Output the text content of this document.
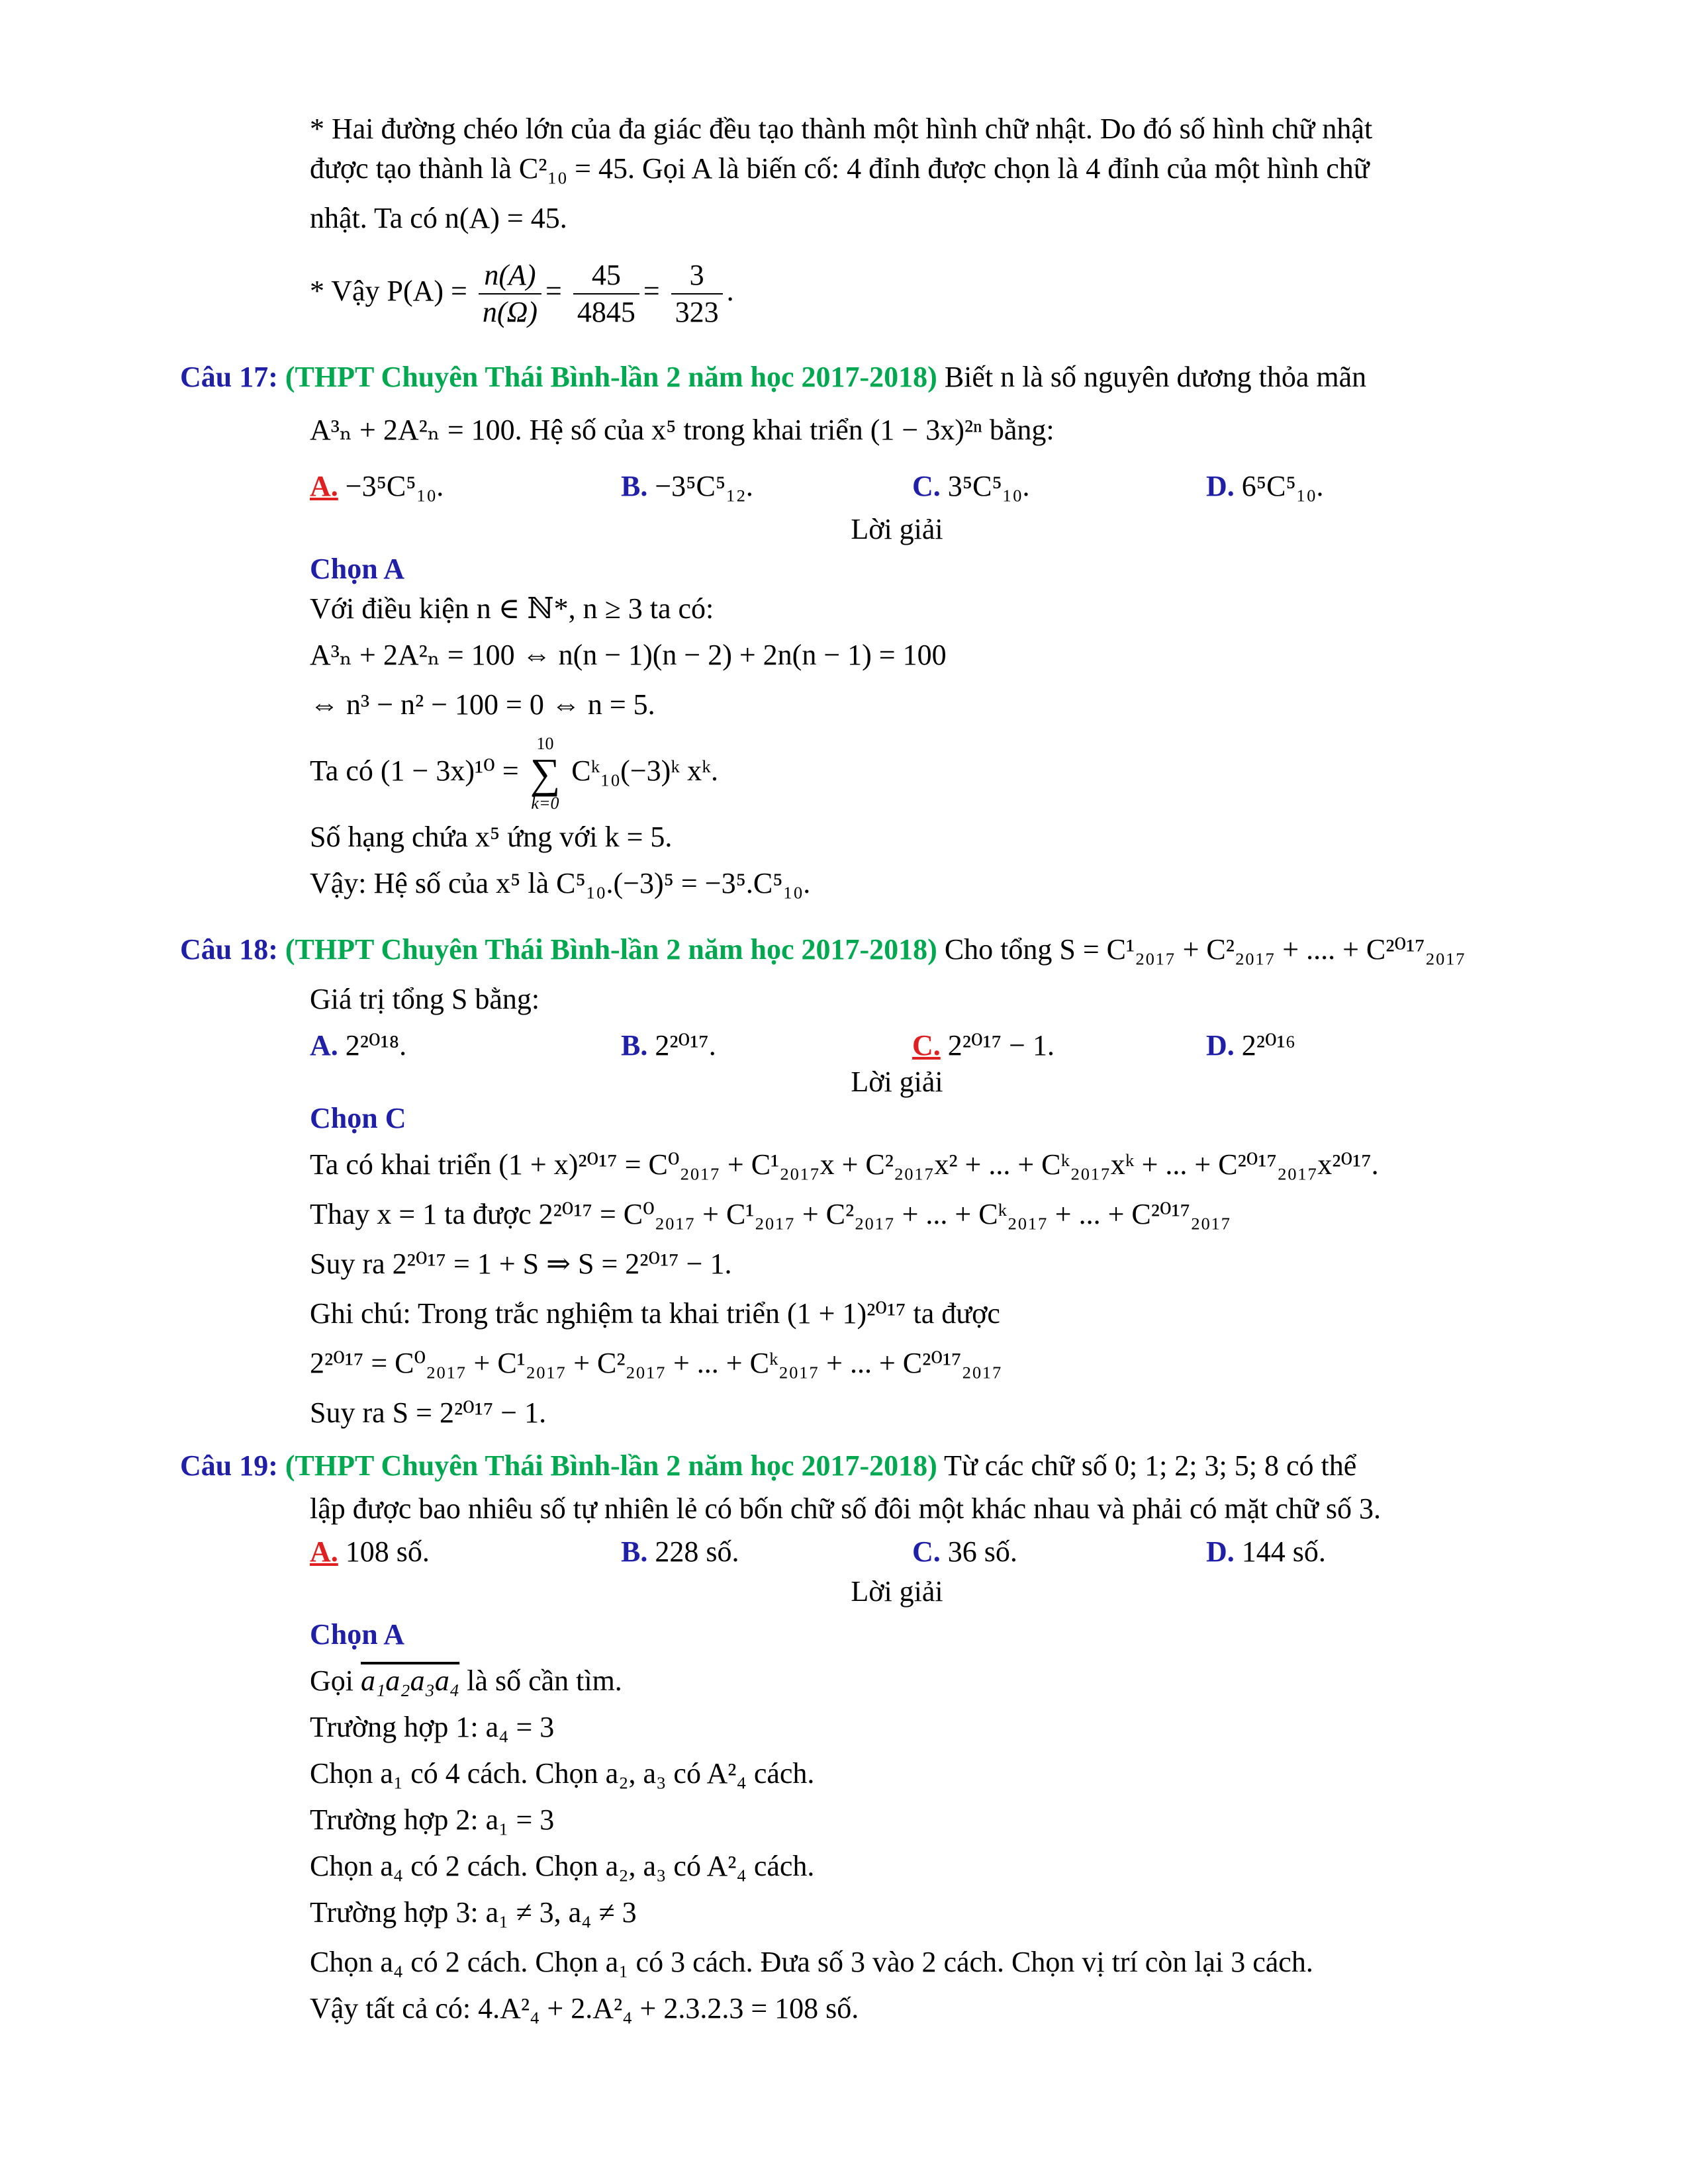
* Hai đường chéo lớn của đa giác đều tạo thành một hình chữ nhật. Do đó số hình chữ nhật
được tạo thành là C²₁₀ = 45. Gọi A là biến cố: 4 đỉnh được chọn là 4 đỉnh của một hình chữ
nhật. Ta có n(A) = 45.
* Vậy $P(A) = \frac{n(A)}{n(\Omega)} = \frac{45}{4845} = \frac{3}{323}$ .
Câu 17: (THPT Chuyên Thái Bình-lần 2 năm học 2017-2018) Biết n là số nguyên dương thỏa mãn
A³ₙ + 2A²ₙ = 100. Hệ số của x⁵ trong khai triển (1 − 3x)²ⁿ bằng:
A. −3⁵C⁵₁₀.	B. −3⁵C⁵₁₂.	C. 3⁵C⁵₁₀.	D. 6⁵C⁵₁₀.
Lời giải
Chọn A
Với điều kiện n ∈ ℕ*, n ≥ 3 ta có:
A³ₙ + 2A²ₙ = 100 ⇔ n(n − 1)(n − 2) + 2n(n − 1) = 100
⇔ n³ − n² − 100 = 0 ⇔ n = 5.
Ta có (1 − 3x)¹⁰ = 10
∑
k=0 Cᵏ₁₀(−3)ᵏ xᵏ.
Số hạng chứa x⁵ ứng với k = 5.
Vậy: Hệ số của x⁵ là C⁵₁₀.(−3)⁵ = −3⁵.C⁵₁₀.
Câu 18: (THPT Chuyên Thái Bình-lần 2 năm học 2017-2018) Cho tổng S = C¹₂₀₁₇ + C²₂₀₁₇ + .... + C²⁰¹⁷₂₀₁₇
Giá trị tổng S bằng:
A. 2²⁰¹⁸.	B. 2²⁰¹⁷.	C. 2²⁰¹⁷ − 1.	D. 2²⁰¹⁶
Lời giải
Chọn C
Ta có khai triển (1 + x)²⁰¹⁷ = C⁰₂₀₁₇ + C¹₂₀₁₇x + C²₂₀₁₇x² + ... + Cᵏ₂₀₁₇xᵏ + ... + C²⁰¹⁷₂₀₁₇x²⁰¹⁷.
Thay x = 1 ta được 2²⁰¹⁷ = C⁰₂₀₁₇ + C¹₂₀₁₇ + C²₂₀₁₇ + ... + Cᵏ₂₀₁₇ + ... + C²⁰¹⁷₂₀₁₇
Suy ra 2²⁰¹⁷ = 1 + S ⇒ S = 2²⁰¹⁷ − 1.
Ghi chú: Trong trắc nghiệm ta khai triển (1 + 1)²⁰¹⁷ ta được
2²⁰¹⁷ = C⁰₂₀₁₇ + C¹₂₀₁₇ + C²₂₀₁₇ + ... + Cᵏ₂₀₁₇ + ... + C²⁰¹⁷₂₀₁₇
Suy ra S = 2²⁰¹⁷ − 1.
Câu 19: (THPT Chuyên Thái Bình-lần 2 năm học 2017-2018) Từ các chữ số 0; 1; 2; 3; 5; 8 có thể
lập được bao nhiêu số tự nhiên lẻ có bốn chữ số đôi một khác nhau và phải có mặt chữ số 3.
A. 108 số.	B. 228 số.	C. 36 số.	D. 144 số.
Lời giải
Chọn A
Gọi a₁a₂a₃a₄ là số cần tìm.
Trường hợp 1: a₄ = 3
Chọn a₁ có 4 cách. Chọn a₂, a₃ có A²₄ cách.
Trường hợp 2: a₁ = 3
Chọn a₄ có 2 cách. Chọn a₂, a₃ có A²₄ cách.
Trường hợp 3: a₁ ≠ 3, a₄ ≠ 3
Chọn a₄ có 2 cách. Chọn a₁ có 3 cách. Đưa số 3 vào 2 cách. Chọn vị trí còn lại 3 cách.
Vậy tất cả có: 4.A²₄ + 2.A²₄ + 2.3.2.3 = 108 số.
